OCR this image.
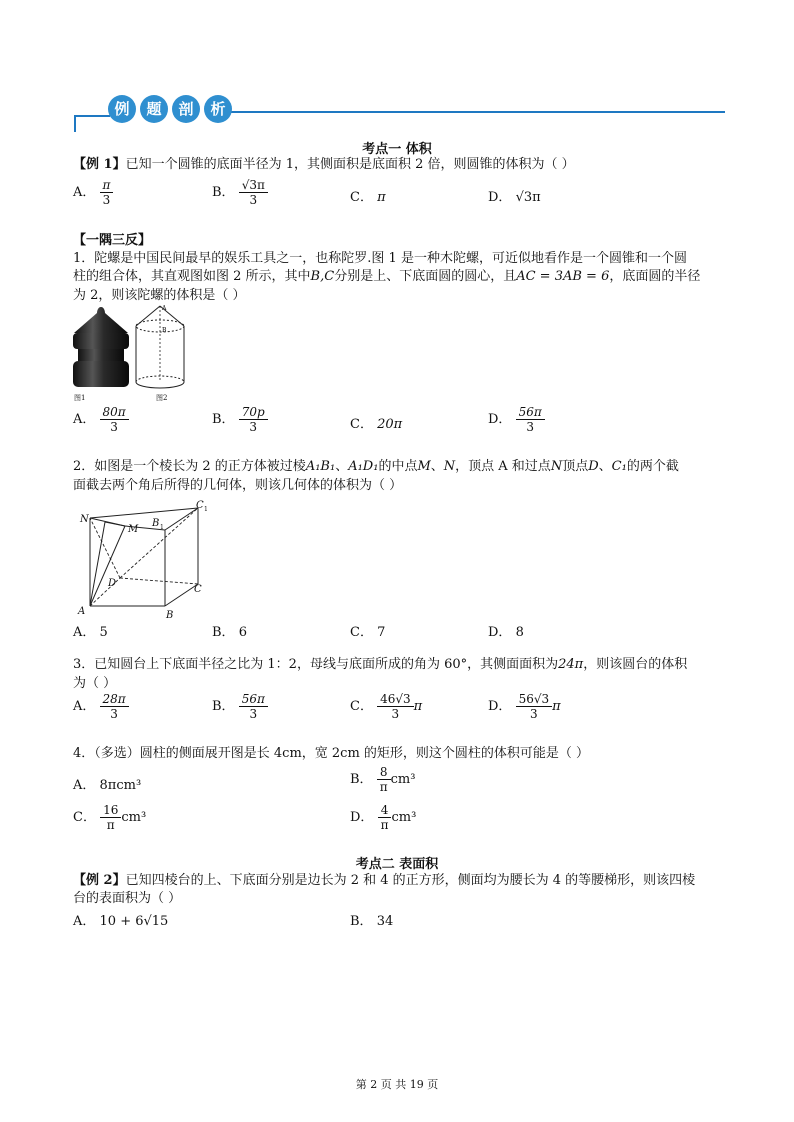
例	题	剖	析
考点一 体积
【例 1】已知一个圆锥的底面半径为 1，其侧面积是底面积 2 倍，则圆锥的体积为（ ）
A． $\frac{\pi}{3}$	B． $\frac{√3\pi}{3}$	C． π	D． √3π
【一隅三反】
1．陀螺是中国民间最早的娱乐工具之一，也称陀罗.图 1 是一种木陀螺，可近似地看作是一个圆锥和一个圆
柱的组合体，其直观图如图 2 所示，其中B,C分别是上、下底面圆的圆心，且AC = 3AB = 6，底面圆的半径
为 2，则该陀螺的体积是（ ）
图1
A
B
图2
A． $\frac{80\pi}{3}$	B． $\frac{70p}{3}$	C． 20π	D． $\frac{56\pi}{3}$
2．如图是一个棱长为 2 的正方体被过棱A₁B₁、A₁D₁的中点M、N，顶点 A 和过点N顶点D、C₁的两个截
面截去两个角后所得的几何体，则该几何体的体积为（ ）
N
M
B 1
C 1
D
A
C
B
A． 5	B． 6	C． 7	D． 8
3．已知圆台上下底面半径之比为 1：2，母线与底面所成的角为 60°，其侧面面积为24π，则该圆台的体积
为（ ）
A． $\frac{28\pi}{3}$	B． $\frac{56\pi}{3}$	C． $\frac{46√3}{3}$ π	D． $\frac{56√3}{3}$ π
4．（多选）圆柱的侧面展开图是长 4cm，宽 2cm 的矩形，则这个圆柱的体积可能是（ ）
A． 8πcm³	B． $\frac{8}{\pi} cm^3$
C． $\frac{16}{\pi} cm^3$	D． $\frac{4}{\pi} cm^3$
考点二 表面积
【例 2】已知四棱台的上、下底面分别是边长为 2 和 4 的正方形，侧面均为腰长为 4 的等腰梯形，则该四棱
台的表面积为（ ）
A． 10 + 6√15	B． 34
第 2 页 共 19 页
